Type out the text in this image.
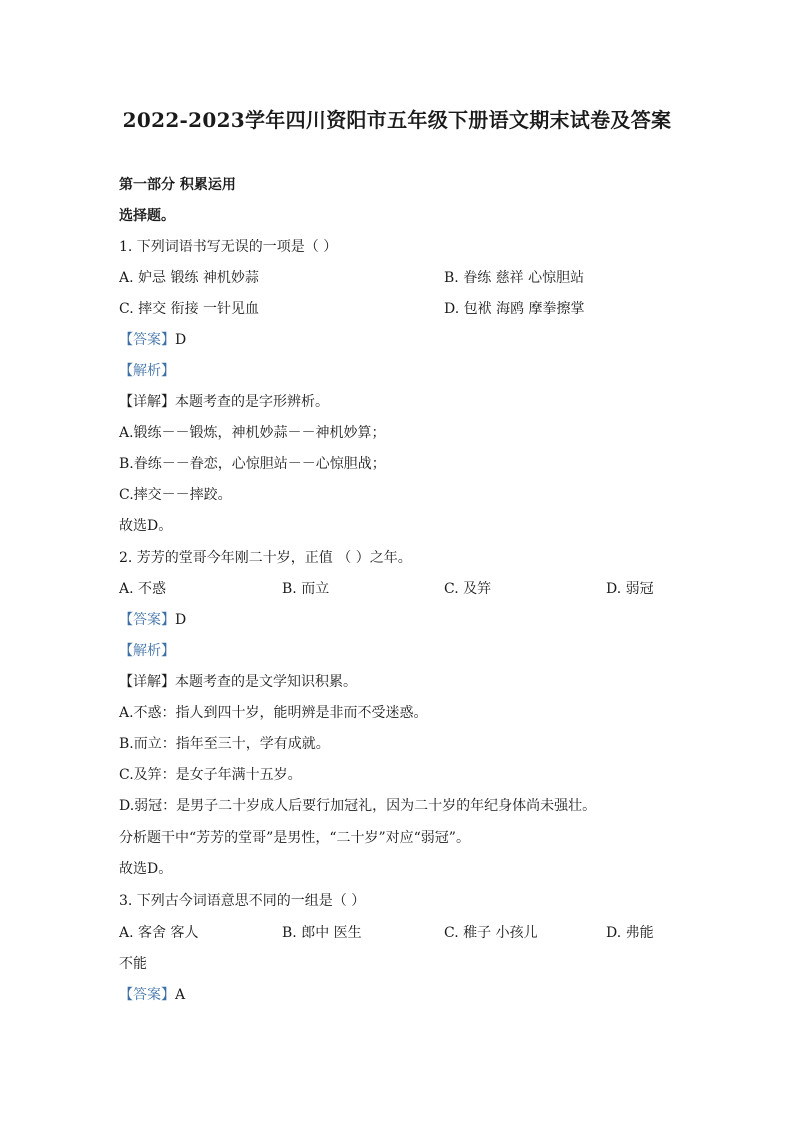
2022-2023学年四川资阳市五年级下册语文期末试卷及答案
第一部分 积累运用
选择题。
1. 下列词语书写无误的一项是（ ）
A. 妒忌 锻练 神机妙蒜	B. 眷练 慈祥 心惊胆站
C. 摔交 衔接 一针见血	D. 包袱 海鸥 摩拳擦掌
【答案】D
【解析】
【详解】本题考查的是字形辨析。
A.锻练－－锻炼，神机妙蒜－－神机妙算；
B.眷练－－眷恋，心惊胆站－－心惊胆战；
C.摔交－－摔跤。
故选D。
2. 芳芳的堂哥今年刚二十岁，正值 （ ）之年。
A. 不惑	B. 而立	C. 及笄	D. 弱冠
【答案】D
【解析】
【详解】本题考查的是文学知识积累。
A.不惑：指人到四十岁，能明辨是非而不受迷惑。
B.而立：指年至三十，学有成就。
C.及笄：是女子年满十五岁。
D.弱冠：是男子二十岁成人后要行加冠礼，因为二十岁的年纪身体尚未强壮。
分析题干中“芳芳的堂哥”是男性，“二十岁”对应“弱冠”。
故选D。
3. 下列古今词语意思不同的一组是（ ）
A. 客舍 客人	B. 郎中 医生	C. 稚子 小孩儿	D. 弗能
不能
【答案】A
